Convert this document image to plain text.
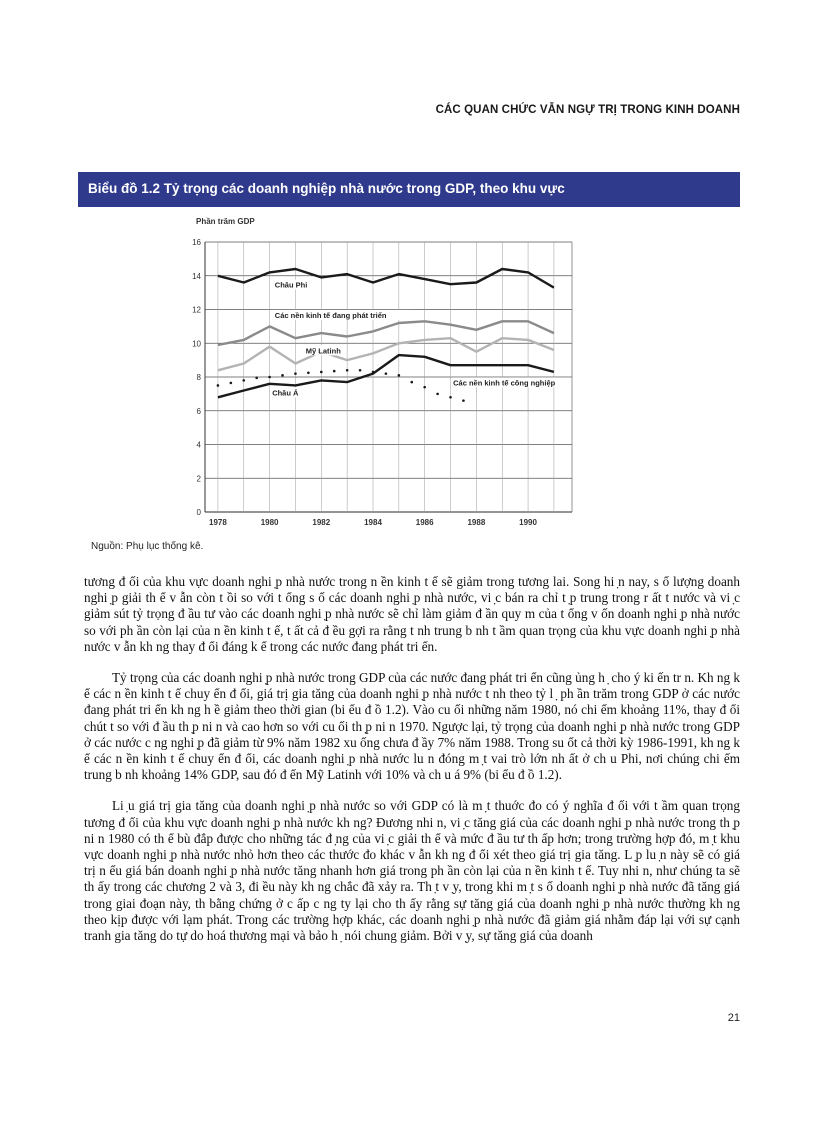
CÁC QUAN CHỨC VẪN NGỰ TRỊ TRONG KINH DOANH
Biểu đồ 1.2 Tỷ trọng các doanh nghiệp nhà nước trong GDP, theo khu vực
Phần trăm GDP
0
2
4
6
8
10
12
14
16
1978	1980	1982	1984	1986	1988	1990
Châu Phi
Các nền kinh tế đang phát triển
Mỹ Latinh
Châu Á
Các nền kinh tế công nghiệp
Nguồn: Phụ lục thống kê.

tương đ ối của khu vực doanh nghi ̣p nhà nước trong n ền kinh t ế sẽ giảm trong tương lai. Song hi ̣n nay, s ố lượng doanh nghi ̣p giải th ể v ẫn còn t ồi so với t ổng s ố các doanh nghi ̣p nhà nước, vi ̣c bán ra chỉ t ̣p trung trong r ất t nước và vi ̣c giảm sút tỷ trọng đ ầu tư vào các doanh nghi ̣p nhà nước sẽ chỉ làm giảm đ ần quy m của t ổng v ốn doanh nghi ̣p nhà nước so với ph ần còn lại của n ền kinh t ế, t ất cả đ ều gợi ra rằng t nh trung b nh t ầm quan trọng của khu vực doanh nghi ̣p nhà nước v ẫn kh ng thay đ ổi đáng k ể trong các nước đang phát tri ển.

Tỷ trọng của các doanh nghi ̣p nhà nước trong GDP của các nước đang phát tri ển cũng ủng h ̣ cho ý ki ến tr n. Kh ng k ể các n ền kinh t ế chuy ển đ ổi, giá trị gia tăng của doanh nghi ̣p nhà nước t nh theo tỷ l ̣ ph ần trăm trong GDP ở các nước đang phát tri ển kh ng h ề giảm theo thời gian (bi ểu đ ồ 1.2). Vào cu ối những năm 1980, nó chi ếm khoảng 11%, thay đ ổi chút t so với đ ầu th ̣p ni n và cao hơn so với cu ối th ̣p ni n 1970. Ngược lại, tỷ trọng của doanh nghi ̣p nhà nước trong GDP ở các nước c ng nghi ̣p đã giảm từ 9% năm 1982 xu ống chưa đ ầy 7% năm 1988. Trong su ốt cả thời kỳ 1986-1991, kh ng k ể các n ền kinh t ế chuy ển đ ổi, các doanh nghi ̣p nhà nước lu n đóng m ̣t vai trò lớn nh ất ở ch u Phi, nơi chúng chi ếm trung b nh khoảng 14% GDP, sau đó đ ến Mỹ Latinh với 10% và ch u á 9% (bi ểu đ ồ 1.2).

Li ̣u giá trị gia tăng của doanh nghi ̣p nhà nước so với GDP có là m ̣t thuớc đo có ý nghĩa đ ối với t ầm quan trọng tương đ ối của khu vực doanh nghi ̣p nhà nước kh ng? Đương nhi n, vi ̣c tăng giá của các doanh nghi ̣p nhà nước trong th ̣p ni n 1980 có th ể bù đắp được cho những tác đ ̣ng của vi ̣c giải th ể và mức đ ầu tư th ấp hơn; trong trường hợp đó, m ̣t khu vực doanh nghi ̣p nhà nước nhỏ hơn theo các thước đo khác v ẫn kh ng đ ổi xét theo giá trị gia tăng. L ̣p lu ̣n này sẽ có giá trị n ếu giá bán doanh nghi ̣p nhà nước tăng nhanh hơn giá trong ph ần còn lại của n ền kinh t ế. Tuy nhi n, như chúng ta sẽ th ấy trong các chương 2 và 3, đi ều này kh ng chắc đã xảy ra. Th ̣t v ̣y, trong khi m ̣t s ố doanh nghi ̣p nhà nước đã tăng giá trong giai đoạn này, th bằng chứng ở c ấp c ng ty lại cho th ấy rằng sự tăng giá của doanh nghi ̣p nhà nước thường kh ng theo kịp được với lạm phát. Trong các trường hợp khác, các doanh nghi ̣p nhà nước đã giảm giá nhằm đáp lại với sự cạnh tranh gia tăng do tự do hoá thương mại và bảo h ̣ nói chung giảm. Bởi v ̣y, sự tăng giá của doanh

21
